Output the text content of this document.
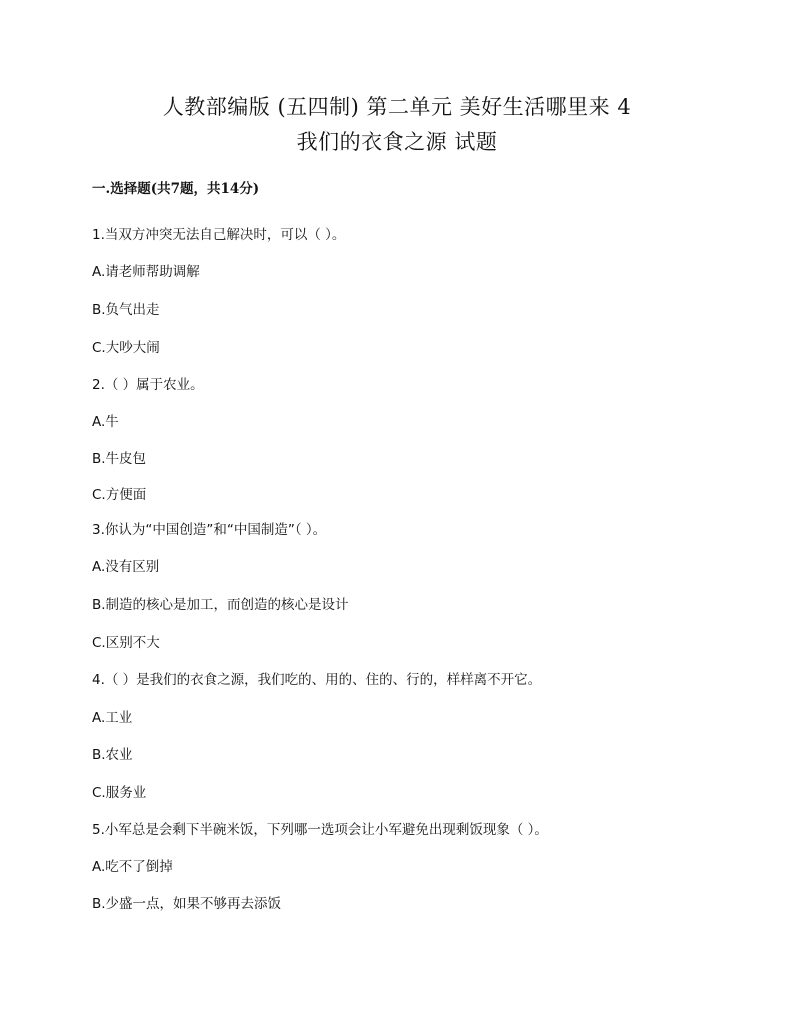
人教部编版 (五四制) 第二单元 美好生活哪里来 4
我们的衣食之源 试题
一.选择题(共7题，共14分)
1.当双方冲突无法自己解决时，可以（ ）。
A.请老师帮助调解
B.负气出走
C.大吵大闹
2.（ ）属于农业。
A.牛
B.牛皮包
C.方便面
3.你认为“中国创造”和“中国制造”（ ）。
A.没有区别
B.制造的核心是加工，而创造的核心是设计
C.区别不大
4.（ ）是我们的衣食之源，我们吃的、用的、住的、行的，样样离不开它。
A.工业
B.农业
C.服务业
5.小军总是会剩下半碗米饭，下列哪一选项会让小军避免出现剩饭现象（ ）。
A.吃不了倒掉
B.少盛一点，如果不够再去添饭
